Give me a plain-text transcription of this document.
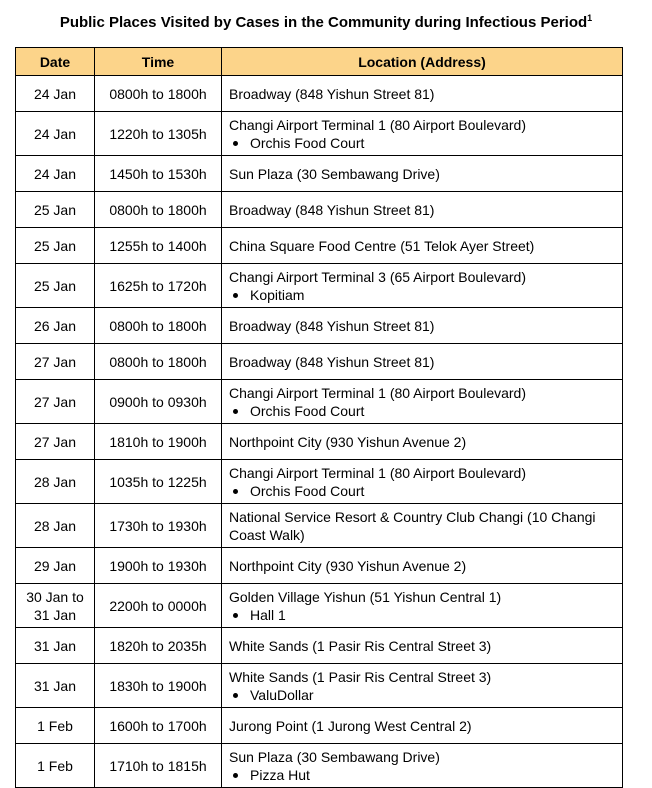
Public Places Visited by Cases in the Community during Infectious Period$^1$
Date	Time	Location (Address)
24 Jan	0800h to 1800h	Broadway (848 Yishun Street 81)
24 Jan	1220h to 1305h	Changi Airport Terminal 1 (80 Airport Boulevard)
Orchis Food Court

24 Jan	1450h to 1530h	Sun Plaza (30 Sembawang Drive)
25 Jan	0800h to 1800h	Broadway (848 Yishun Street 81)
25 Jan	1255h to 1400h	China Square Food Centre (51 Telok Ayer Street)
25 Jan	1625h to 1720h	Changi Airport Terminal 3 (65 Airport Boulevard)
Kopitiam

26 Jan	0800h to 1800h	Broadway (848 Yishun Street 81)
27 Jan	0800h to 1800h	Broadway (848 Yishun Street 81)
27 Jan	0900h to 0930h	Changi Airport Terminal 1 (80 Airport Boulevard)
Orchis Food Court

27 Jan	1810h to 1900h	Northpoint City (930 Yishun Avenue 2)
28 Jan	1035h to 1225h	Changi Airport Terminal 1 (80 Airport Boulevard)
Orchis Food Court

28 Jan	1730h to 1930h	National Service Resort & Country Club Changi (10 Changi Coast Walk)
29 Jan	1900h to 1930h	Northpoint City (930 Yishun Avenue 2)
30 Jan to 31 Jan	2200h to 0000h	Golden Village Yishun (51 Yishun Central 1)
Hall 1

31 Jan	1820h to 2035h	White Sands (1 Pasir Ris Central Street 3)
31 Jan	1830h to 1900h	White Sands (1 Pasir Ris Central Street 3)
ValuDollar

1 Feb	1600h to 1700h	Jurong Point (1 Jurong West Central 2)
1 Feb	1710h to 1815h	Sun Plaza (30 Sembawang Drive)
Pizza Hut
